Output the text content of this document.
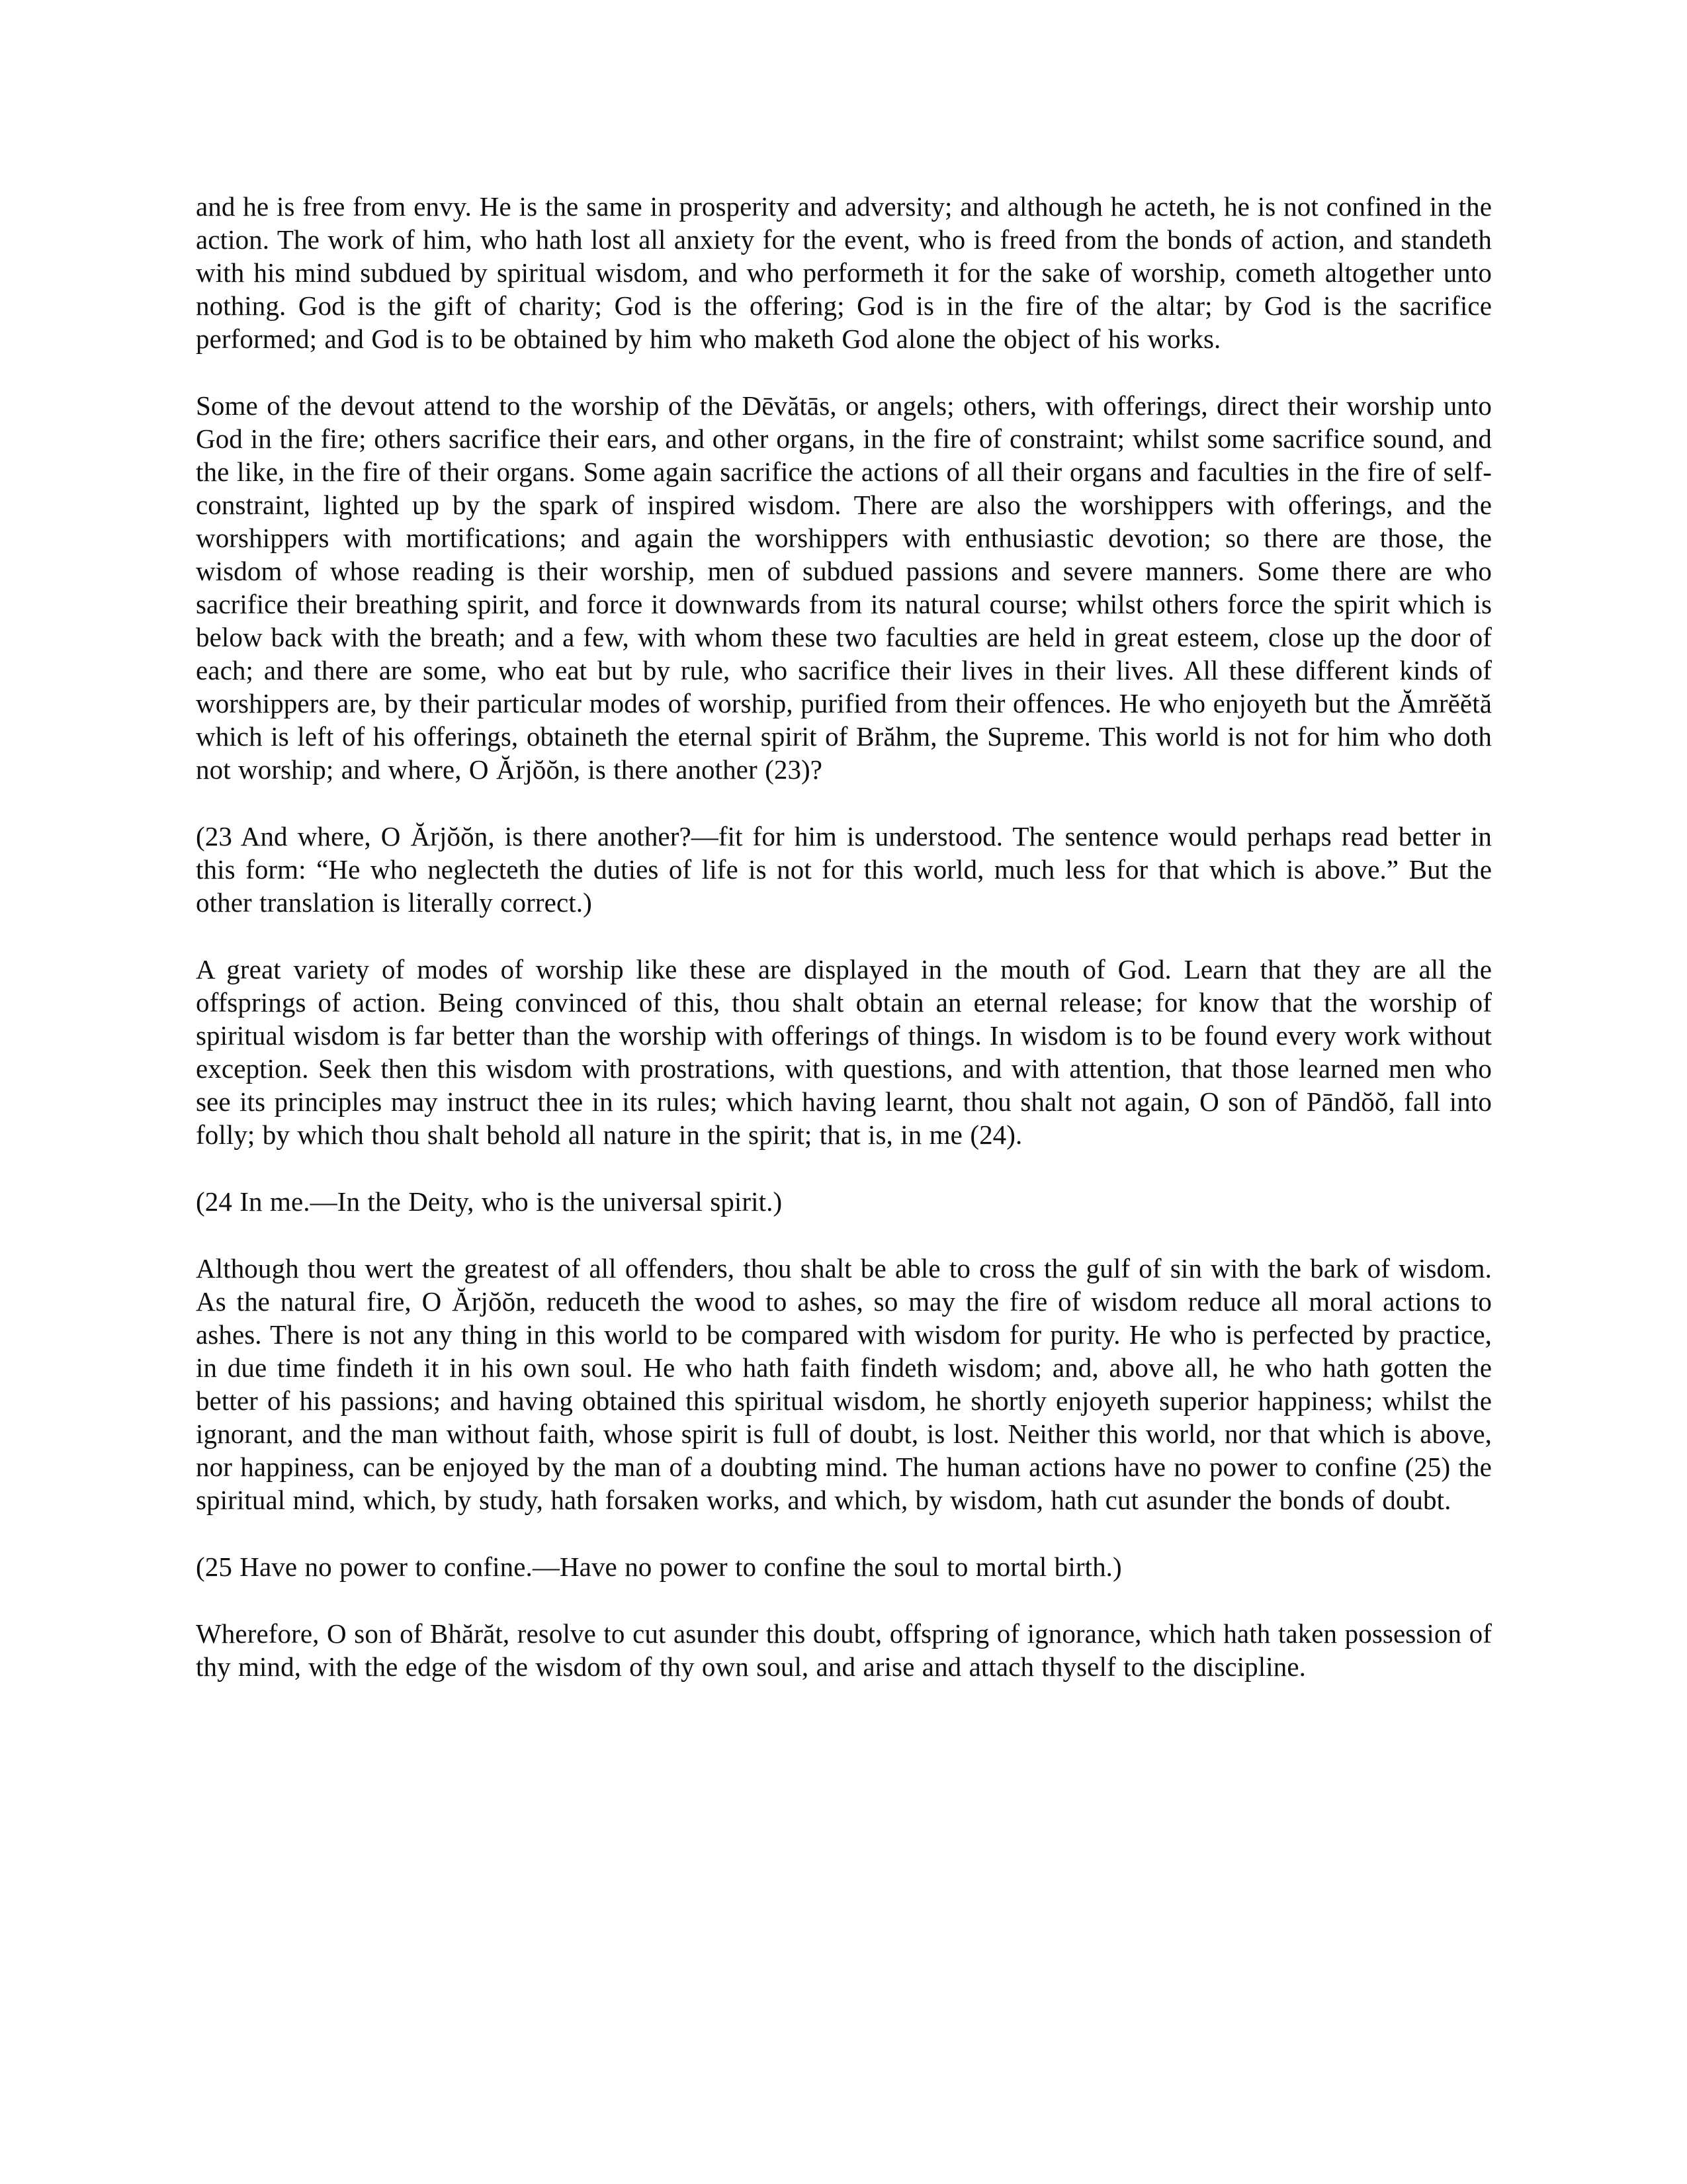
and he is free from envy. He is the same in prosperity and adversity; and although he acteth, he is not confined in the action. The work of him, who hath lost all anxiety for the event, who is freed from the bonds of action, and standeth with his mind subdued by spiritual wisdom, and who performeth it for the sake of worship, cometh altogether unto nothing. God is the gift of charity; God is the offering; God is in the fire of the altar; by God is the sacrifice performed; and God is to be obtained by him who maketh God alone the object of his works.

Some of the devout attend to the worship of the Dēvătās, or angels; others, with offerings, direct their worship unto God in the fire; others sacrifice their ears, and other organs, in the fire of constraint; whilst some sacrifice sound, and the like, in the fire of their organs. Some again sacrifice the actions of all their organs and faculties in the fire of self-constraint, lighted up by the spark of inspired wisdom. There are also the worshippers with offerings, and the worshippers with mortifications; and again the worshippers with enthusiastic devotion; so there are those, the wisdom of whose reading is their worship, men of subdued passions and severe manners. Some there are who sacrifice their breathing spirit, and force it downwards from its natural course; whilst others force the spirit which is below back with the breath; and a few, with whom these two faculties are held in great esteem, close up the door of each; and there are some, who eat but by rule, who sacrifice their lives in their lives. All these different kinds of worshippers are, by their particular modes of worship, purified from their offences. He who enjoyeth but the Ămrĕĕtă which is left of his offerings, obtaineth the eternal spirit of Brăhm, the Supreme. This world is not for him who doth not worship; and where, O Ărjŏŏn, is there another (23)?

(23 And where, O Ărjŏŏn, is there another?—fit for him is understood. The sentence would perhaps read better in this form: “He who neglecteth the duties of life is not for this world, much less for that which is above.” But the other translation is literally correct.)

A great variety of modes of worship like these are displayed in the mouth of God. Learn that they are all the offsprings of action. Being convinced of this, thou shalt obtain an eternal release; for know that the worship of spiritual wisdom is far better than the worship with offerings of things. In wisdom is to be found every work without exception. Seek then this wisdom with prostrations, with questions, and with attention, that those learned men who see its principles may instruct thee in its rules; which having learnt, thou shalt not again, O son of Pāndŏŏ, fall into folly; by which thou shalt behold all nature in the spirit; that is, in me (24).

(24 In me.—In the Deity, who is the universal spirit.)

Although thou wert the greatest of all offenders, thou shalt be able to cross the gulf of sin with the bark of wisdom. As the natural fire, O Ărjŏŏn, reduceth the wood to ashes, so may the fire of wisdom reduce all moral actions to ashes. There is not any thing in this world to be compared with wisdom for purity. He who is perfected by practice, in due time findeth it in his own soul. He who hath faith findeth wisdom; and, above all, he who hath gotten the better of his passions; and having obtained this spiritual wisdom, he shortly enjoyeth superior happiness; whilst the ignorant, and the man without faith, whose spirit is full of doubt, is lost. Neither this world, nor that which is above, nor happiness, can be enjoyed by the man of a doubting mind. The human actions have no power to confine (25) the spiritual mind, which, by study, hath forsaken works, and which, by wisdom, hath cut asunder the bonds of doubt.

(25 Have no power to confine.—Have no power to confine the soul to mortal birth.)

Wherefore, O son of Bhărăt, resolve to cut asunder this doubt, offspring of ignorance, which hath taken possession of thy mind, with the edge of the wisdom of thy own soul, and arise and attach thyself to the discipline.
